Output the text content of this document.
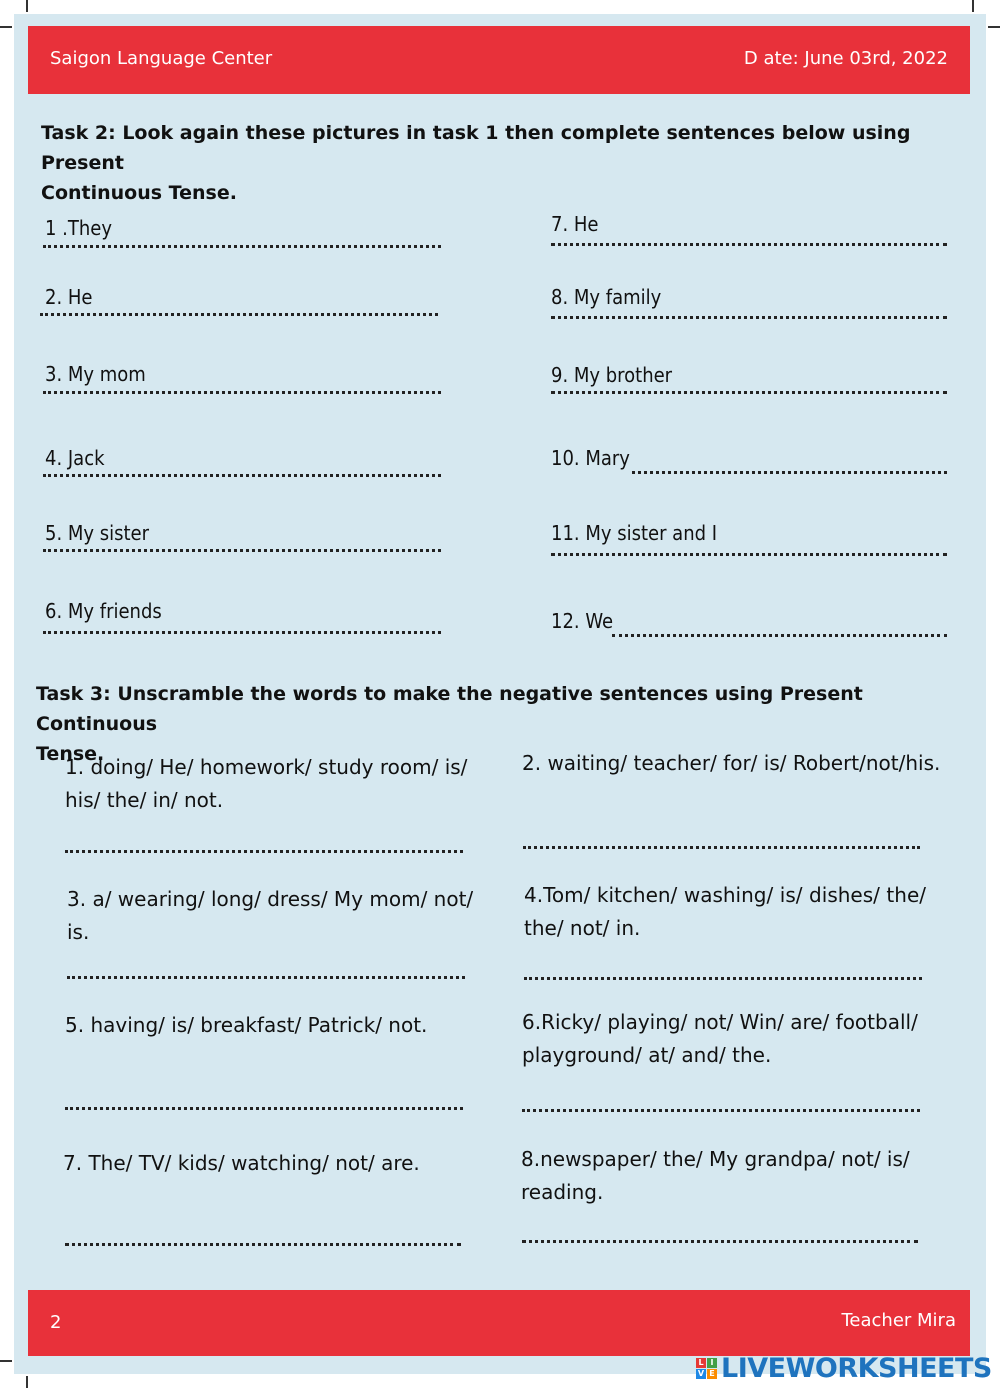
Saigon Language Center	D ate: June 03rd, 2022
Task 2: Look again these pictures in task 1 then complete sentences below using Present
Continuous Tense.
1 .They
2. He
3. My mom
4. Jack
5. My sister
6. My friends
7. He
8. My family
9. My brother
10. Mary
11. My sister and I
12. We
Task 3: Unscramble the words to make the negative sentences using Present Continuous
Tense.
1. doing/ He/ homework/ study room/ is/ his/ the/ in/ not.
2. waiting/ teacher/ for/ is/ Robert/not/his.
3. a/ wearing/ long/ dress/ My mom/ not/ is.
4.Tom/ kitchen/ washing/ is/ dishes/ the/ the/ not/ in.
5. having/ is/ breakfast/ Patrick/ not.	6.Ricky/ playing/ not/ Win/ are/ football/ playground/ at/ and/ the.
7. The/ TV/ kids/ watching/ not/ are.	8.newspaper/ the/ My grandpa/ not/ is/ reading.
2	Teacher Mira
L I
V E LIVEWORKSHEETS
